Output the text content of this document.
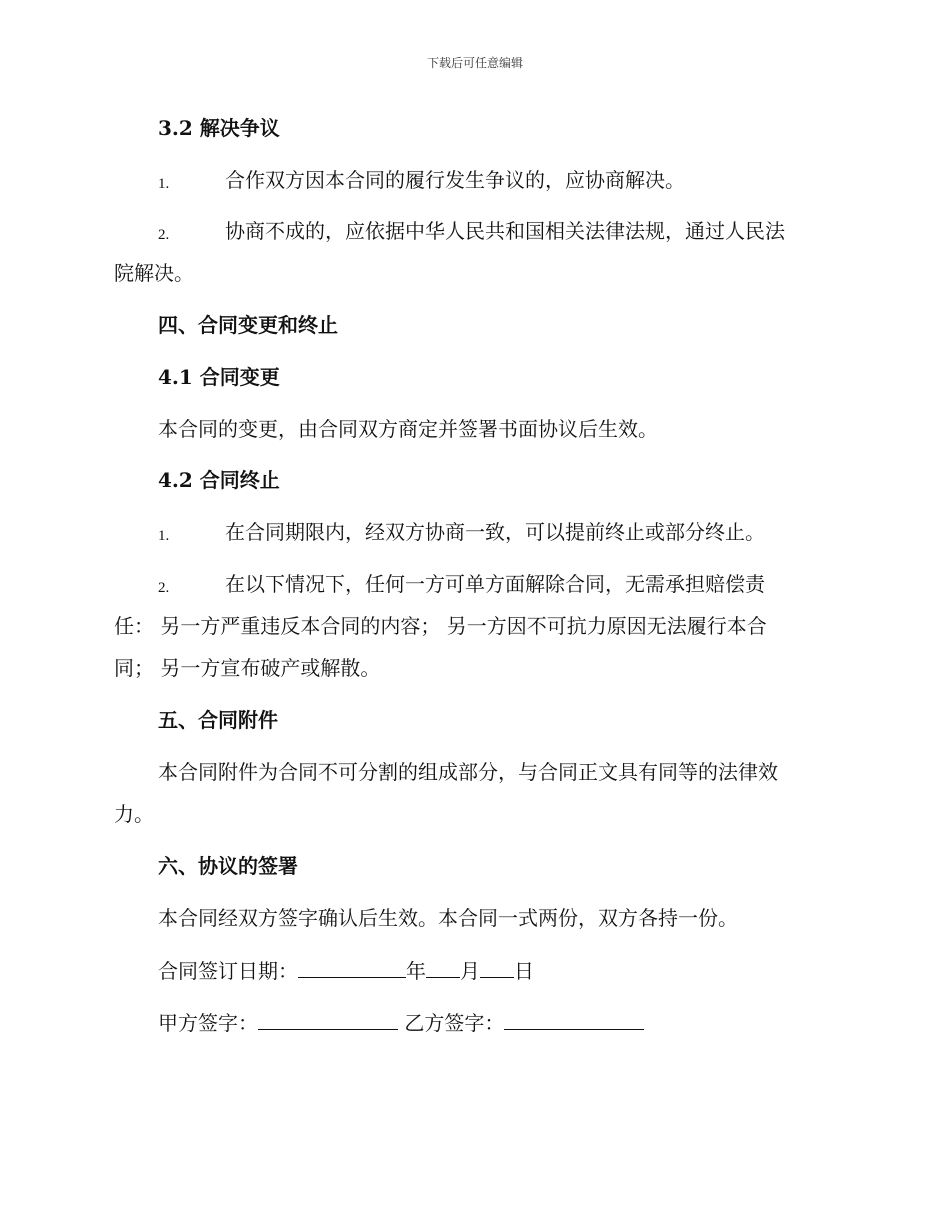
下载后可任意编辑
3.2 解决争议
1.	合作双方因本合同的履行发生争议的，应协商解决。
2.	协商不成的，应依据中华人民共和国相关法律法规，通过人民法
院解决。
四、合同变更和终止
4.1 合同变更
本合同的变更，由合同双方商定并签署书面协议后生效。
4.2 合同终止
1.	在合同期限内，经双方协商一致，可以提前终止或部分终止。
2.	在以下情况下，任何一方可单方面解除合同，无需承担赔偿责
任： 另一方严重违反本合同的内容； 另一方因不可抗力原因无法履行本合
同； 另一方宣布破产或解散。
五、合同附件
本合同附件为合同不可分割的组成部分，与合同正文具有同等的法律效
力。
六、协议的签署
本合同经双方签字确认后生效。本合同一式两份，双方各持一份。
合同签订日期：	年 月 日
甲方签字：	乙方签字：
